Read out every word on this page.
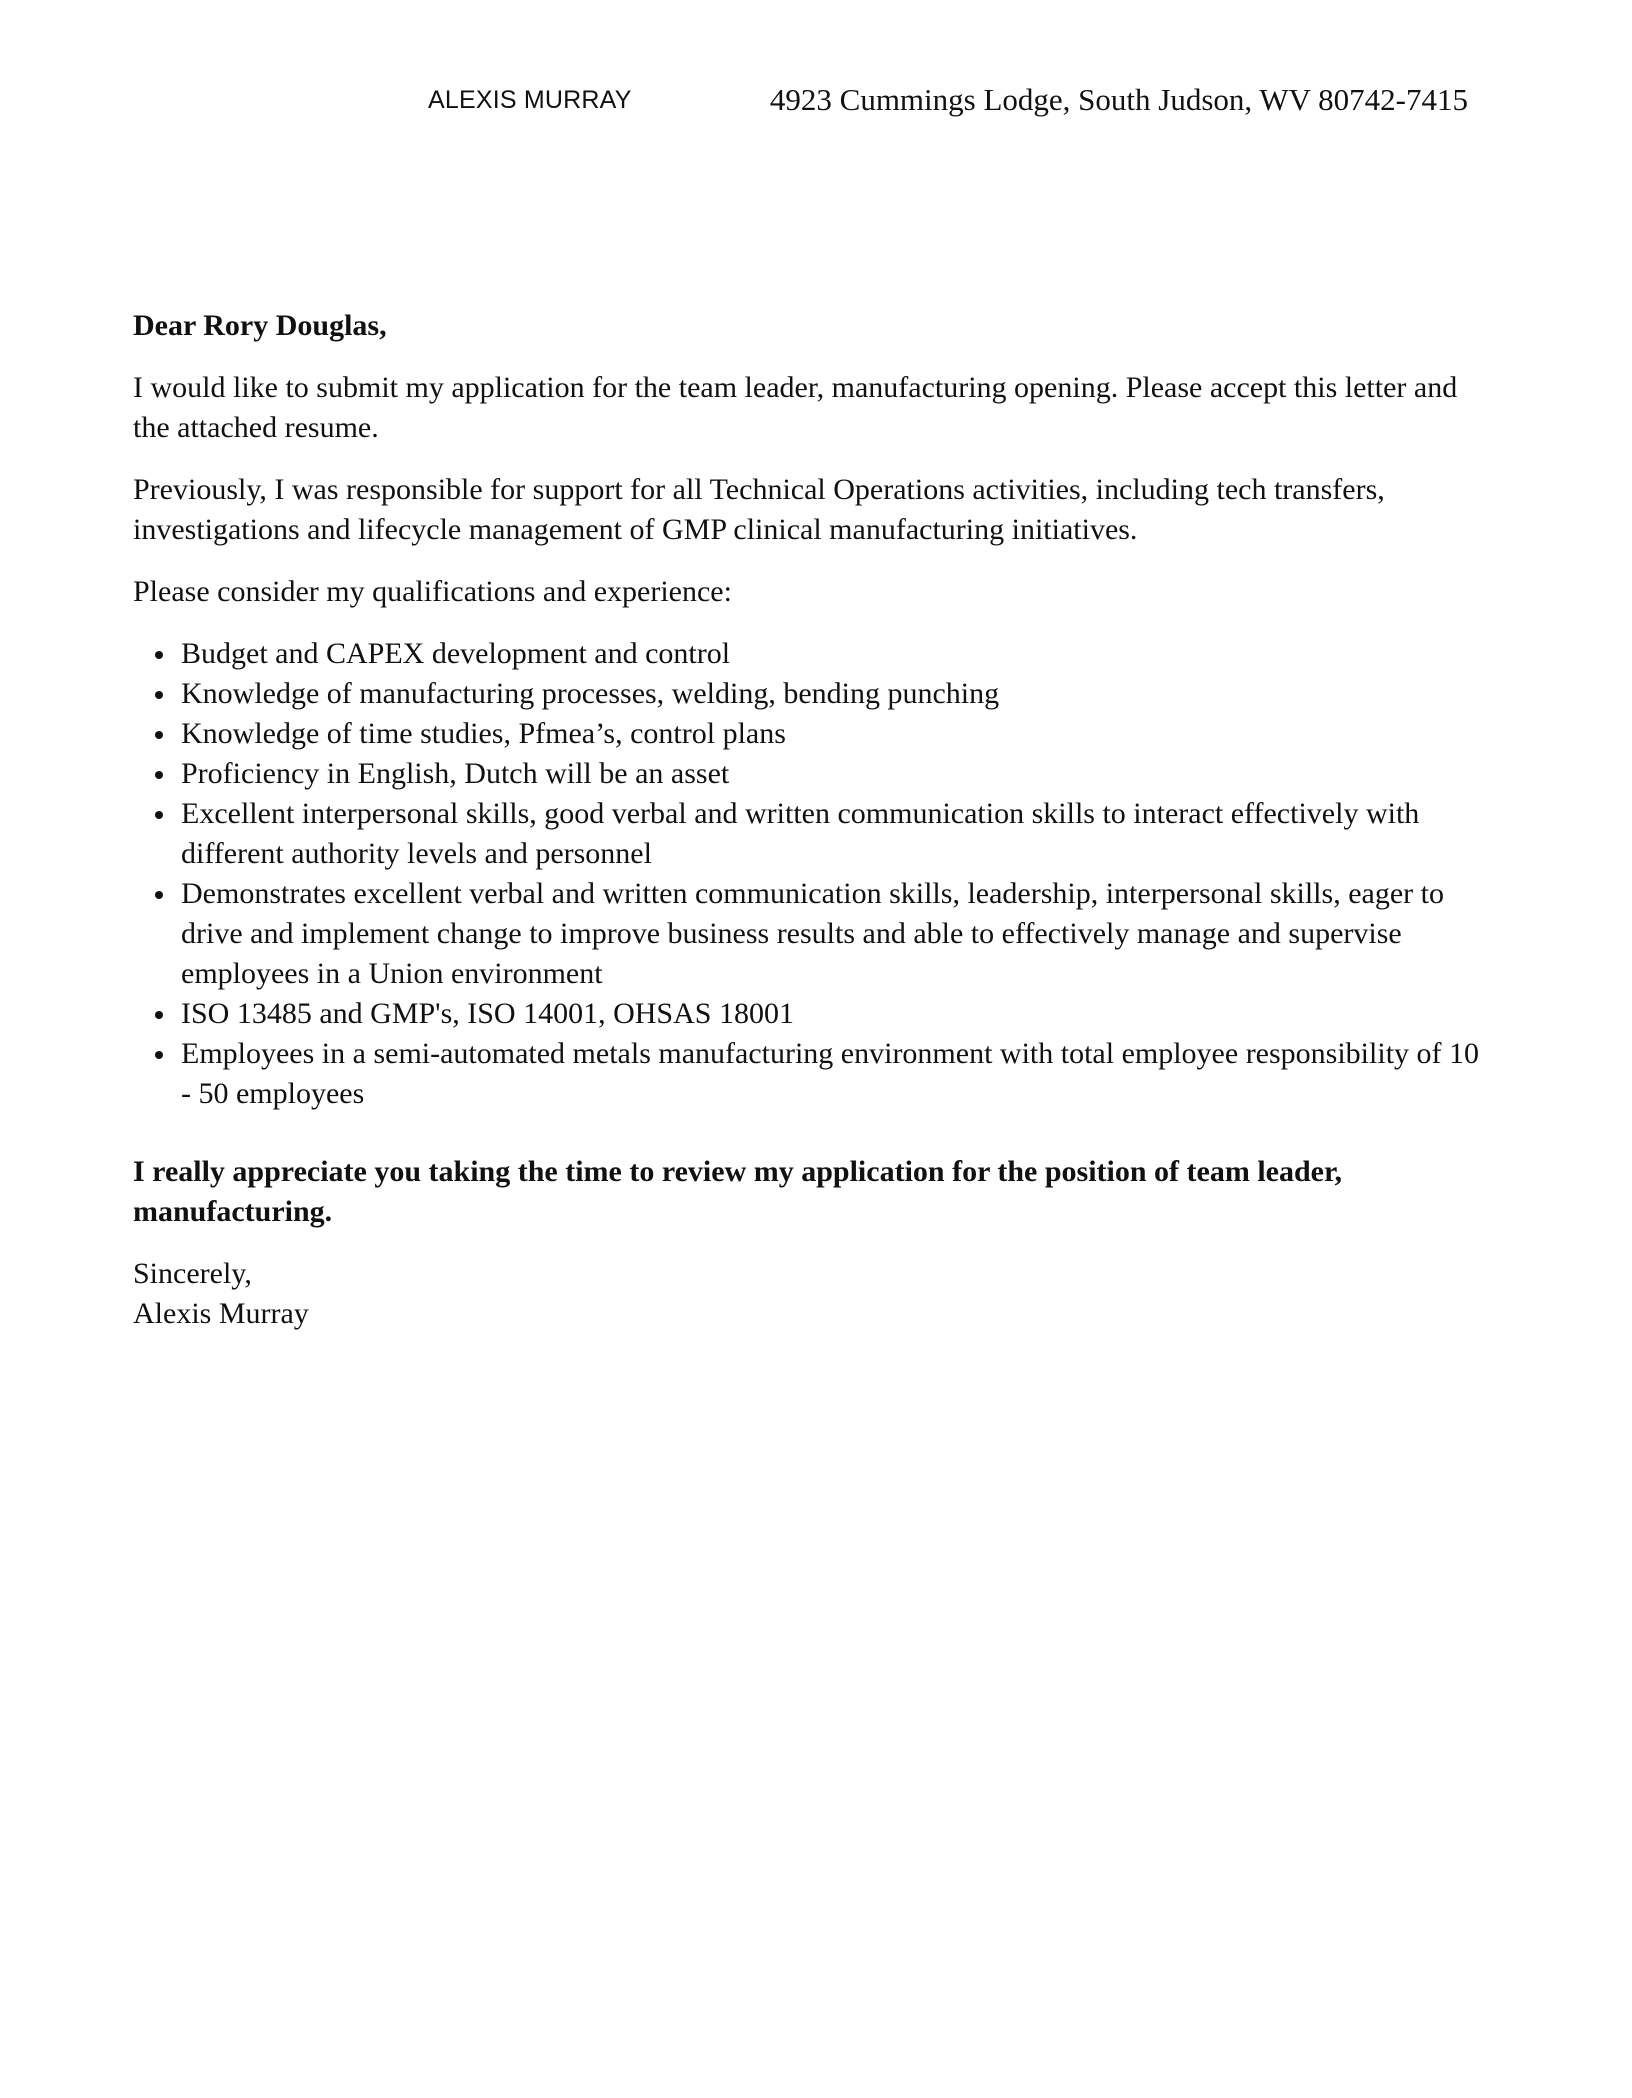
ALEXIS MURRAY	4923 Cummings Lodge, South Judson, WV 80742-7415

Dear Rory Douglas,

I would like to submit my application for the team leader, manufacturing opening. Please accept this letter and the attached resume.

Previously, I was responsible for support for all Technical Operations activities, including tech transfers, investigations and lifecycle management of GMP clinical manufacturing initiatives.

Please consider my qualifications and experience:

Budget and CAPEX development and control
Knowledge of manufacturing processes, welding, bending punching
Knowledge of time studies, Pfmea’s, control plans
Proficiency in English, Dutch will be an asset
Excellent interpersonal skills, good verbal and written communication skills to interact effectively with different authority levels and personnel
Demonstrates excellent verbal and written communication skills, leadership, interpersonal skills, eager to drive and implement change to improve business results and able to effectively manage and supervise employees in a Union environment
ISO 13485 and GMP's, ISO 14001, OHSAS 18001
Employees in a semi-automated metals manufacturing environment with total employee responsibility of 10 - 50 employees

I really appreciate you taking the time to review my application for the position of team leader, manufacturing.

Sincerely,
Alexis Murray
